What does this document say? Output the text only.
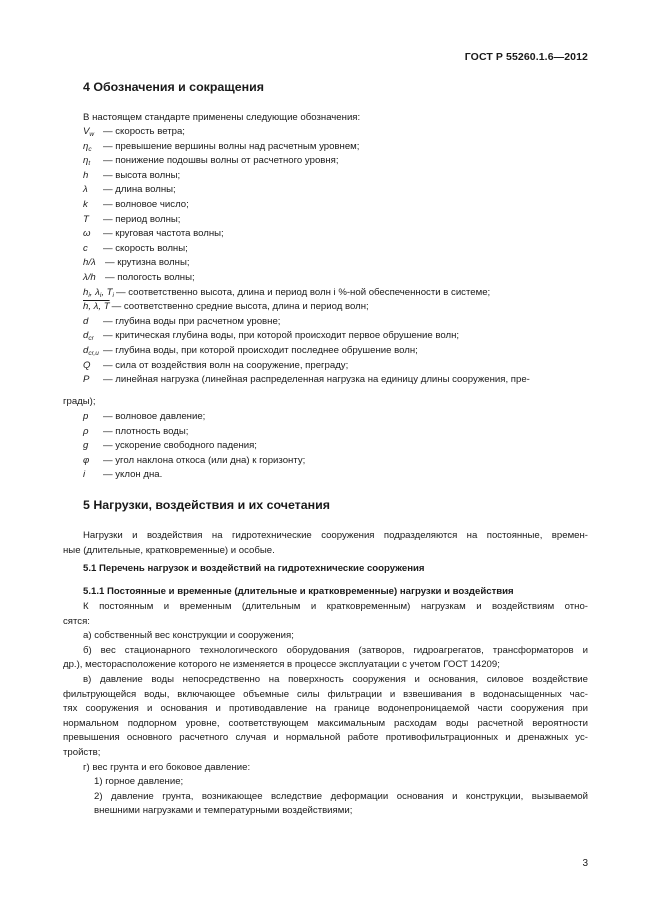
ГОСТ Р 55260.1.6—2012
4 Обозначения и сокращения
В настоящем стандарте применены следующие обозначения:
$V_w$ — скорость ветра;
$\eta_c$	— превышение вершины волны над расчетным уровнем;
$\eta_t$	— понижение подошвы волны от расчетного уровня;
h	— высота волны;
λ	— длина волны;
k	— волновое число;
T	— период волны;
ω	— круговая частота волны;
c	— скорость волны;
h/λ — крутизна волны;
λ/h — пологость волны;
$h_i$, $\lambda_i$, $T_i$ — соответственно высота, длина и период волн i %-ной обеспеченности в системе;
h, λ, T — соответственно средние высота, длина и период волн;
d	— глубина воды при расчетном уровне;
$d_{cr}$ — критическая глубина воды, при которой происходит первое обрушение волн;
$d_{cr,u}$ — глубина воды, при которой происходит последнее обрушение волн;
Q	— сила от воздействия волн на сооружение, преграду;
P	— линейная нагрузка (линейная распределенная нагрузка на единицу длины сооружения, пре-
грады);
p	— волновое давление;
ρ	— плотность воды;
g	— ускорение свободного падения;
φ	— угол наклона откоса (или дна) к горизонту;
i	— уклон дна.
5 Нагрузки, воздействия и их сочетания
Нагрузки и воздействия на гидротехнические сооружения подразделяются на постоянные, времен-
ные (длительные, кратковременные) и особые.
5.1 Перечень нагрузок и воздействий на гидротехнические сооружения
5.1.1 Постоянные и временные (длительные и кратковременные) нагрузки и воздействия
К постоянным и временным (длительным и кратковременным) нагрузкам и воздействиям отно-
сятся:
а) собственный вес конструкции и сооружения;
б) вес стационарного технологического оборудования (затворов, гидроагрегатов, трансформаторов и
др.), месторасположение которого не изменяется в процессе эксплуатации с учетом ГОСТ 14209;
в) давление воды непосредственно на поверхность сооружения и основания, силовое воздействие
фильтрующейся воды, включающее объемные силы фильтрации и взвешивания в водонасыщенных час-
тях сооружения и основания и противодавление на границе водонепроницаемой части сооружения при
нормальном подпорном уровне, соответствующем максимальным расходам воды расчетной вероятности
превышения основного расчетного случая и нормальной работе противофильтрационных и дренажных ус-
тройств;
г) вес грунта и его боковое давление:
1) горное давление;
2) давление грунта, возникающее вследствие деформации основания и конструкции, вызываемой
внешними нагрузками и температурными воздействиями;
3
